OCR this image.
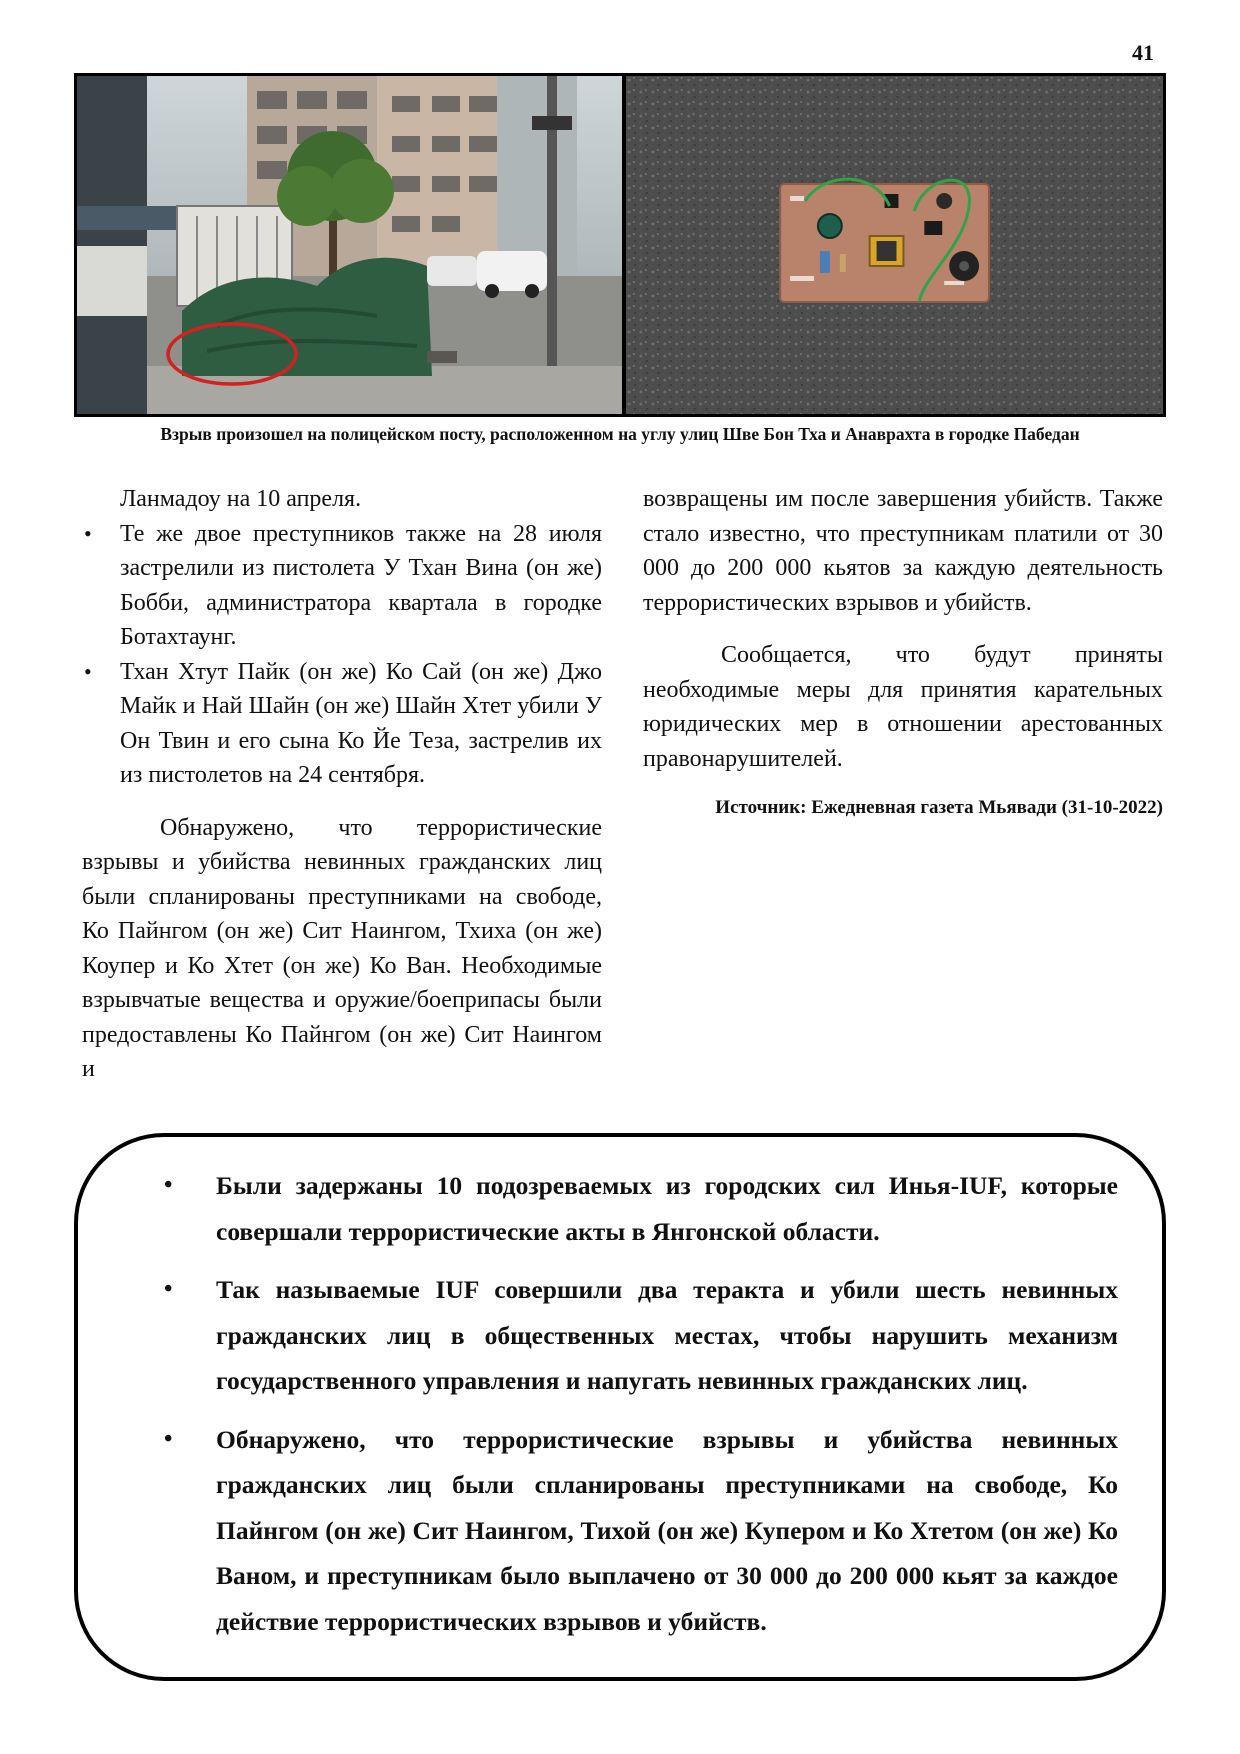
41
Взрыв произошел на полицейском посту, расположенном на углу улиц Шве Бон Тха и Анаврахта в городке Пабедан

Ланмадоу на 10 апреля.

• Те же двое преступников также на 28 июля застрелили из пистолета У Тхан Вина (он же) Бобби, администратора квартала в городке Ботахтаунг.
• Тхан Хтут Пайк (он же) Ко Сай (он же) Джо Майк и Най Шайн (он же) Шайн Хтет убили У Он Твин и его сына Ко Йе Теза, застрелив их из пистолетов на 24 сентября.

Обнаружено, что террористические взрывы и убийства невинных гражданских лиц были спланированы преступниками на свободе, Ко Пайнгом (он же) Сит Наингом, Тхиха (он же) Коупер и Ко Хтет (он же) Ко Ван. Необходимые взрывчатые вещества и оружие/боеприпасы были предоставлены Ко Пайнгом (он же) Сит Наингом и

возвращены им после завершения убийств. Также стало известно, что преступникам платили от 30 000 до 200 000 кьятов за каждую деятельность террористических взрывов и убийств.

Сообщается, что будут приняты необходимые меры для принятия карательных юридических мер в отношении арестованных правонарушителей.

Источник: Ежедневная газета Мьявади (31-10-2022)

• Были задержаны 10 подозреваемых из городских сил Инья-IUF, которые совершали террористические акты в Янгонской области.
• Так называемые IUF совершили два теракта и убили шесть невинных гражданских лиц в общественных местах, чтобы нарушить механизм государственного управления и напугать невинных гражданских лиц.
• Обнаружено, что террористические взрывы и убийства невинных гражданских лиц были спланированы преступниками на свободе, Ко Пайнгом (он же) Сит Наингом, Тихой (он же) Купером и Ко Хтетом (он же) Ко Ваном, и преступникам было выплачено от 30 000 до 200 000 кьят за каждое действие террористических взрывов и убийств.
